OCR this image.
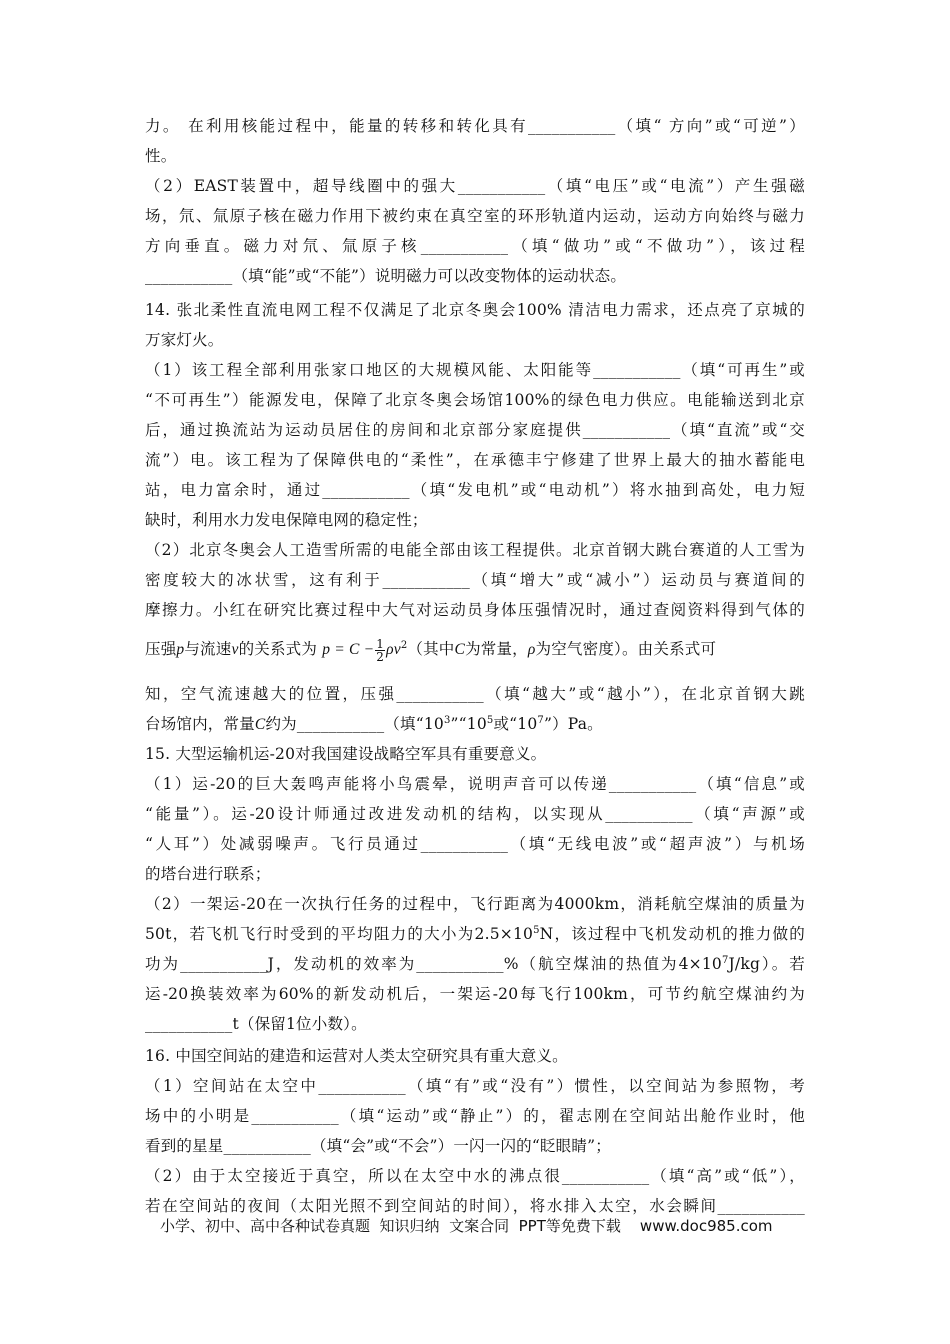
力。 在利用核能过程中，能量的转移和转化具有___________（填“ 方向”或“可逆”）
性。
（2）EAST装置中，超导线圈中的强大___________（填“电压”或“电流”）产生强磁
场，氘、氚原子核在磁力作用下被约束在真空室的环形轨道内运动，运动方向始终与磁力
方向垂直。磁力对氘、氚原子核___________（填“做功”或“不做功”），该过程
___________（填“能”或“不能”）说明磁力可以改变物体的运动状态。
14. 张北柔性直流电网工程不仅满足了北京冬奥会100% 清洁电力需求，还点亮了京城的
万家灯火。
（1）该工程全部利用张家口地区的大规模风能、太阳能等___________（填“可再生”或
“不可再生”）能源发电，保障了北京冬奥会场馆100%的绿色电力供应。电能输送到北京
后，通过换流站为运动员居住的房间和北京部分家庭提供___________（填“直流”或“交
流”）电。该工程为了保障供电的“柔性”，在承德丰宁修建了世界上最大的抽水蓄能电
站，电力富余时，通过___________（填“发电机”或“电动机”）将水抽到高处，电力短
缺时，利用水力发电保障电网的稳定性；
（2）北京冬奥会人工造雪所需的电能全部由该工程提供。北京首钢大跳台赛道的人工雪为
密度较大的冰状雪，这有利于___________（填“增大”或“减小”）运动员与赛道间的
摩擦力。小红在研究比赛过程中大气对运动员身体压强情况时，通过查阅资料得到气体的
压强p与流速v的关系式为 $p = C - \frac{1}{2} \rho v^2$（其中C为常量，ρ为空气密度）。由关系式可
知，空气流速越大的位置，压强___________（填“越大”或“越小”），在北京首钢大跳
台场馆内，常量C约为___________（填“$10^3”“10^5$或“$10^7”)Pa$。
15. 大型运输机运-20对我国建设战略空军具有重要意义。
（1）运-20的巨大轰鸣声能将小鸟震晕，说明声音可以传递___________（填“信息”或
“能量”）。运-20设计师通过改进发动机的结构，以实现从___________（填“声源”或
“人耳”）处减弱噪声。飞行员通过___________（填“无线电波”或“超声波”）与机场
的塔台进行联系；
（2）一架运-20在一次执行任务的过程中，飞行距离为4000km，消耗航空煤油的质量为
50t，若飞机飞行时受到的平均阻力的大小为$2.5\times 10^5N$，该过程中飞机发动机的推力做的
功为___________J，发动机的效率为___________%（航空煤油的热值为$4\times 10^7J/kg$）。若
运-20换装效率为60%的新发动机后，一架运-20每飞行100km，可节约航空煤油约为
___________t（保留1位小数）。
16. 中国空间站的建造和运营对人类太空研究具有重大意义。
（1）空间站在太空中___________（填“有”或“没有”）惯性，以空间站为参照物，考
场中的小明是___________（填“运动”或“静止”）的，翟志刚在空间站出舱作业时，他
看到的星星___________（填“会”或“不会”）一闪一闪的“眨眼睛”；
（2）由于太空接近于真空，所以在太空中水的沸点很___________（填“高”或“低”），
若在空间站的夜间（太阳光照不到空间站的时间），将水排入太空，水会瞬间___________
小学、初中、高中各种试卷真题  知识归纳  文案合同  PPT等免费下载    www.doc985.com
